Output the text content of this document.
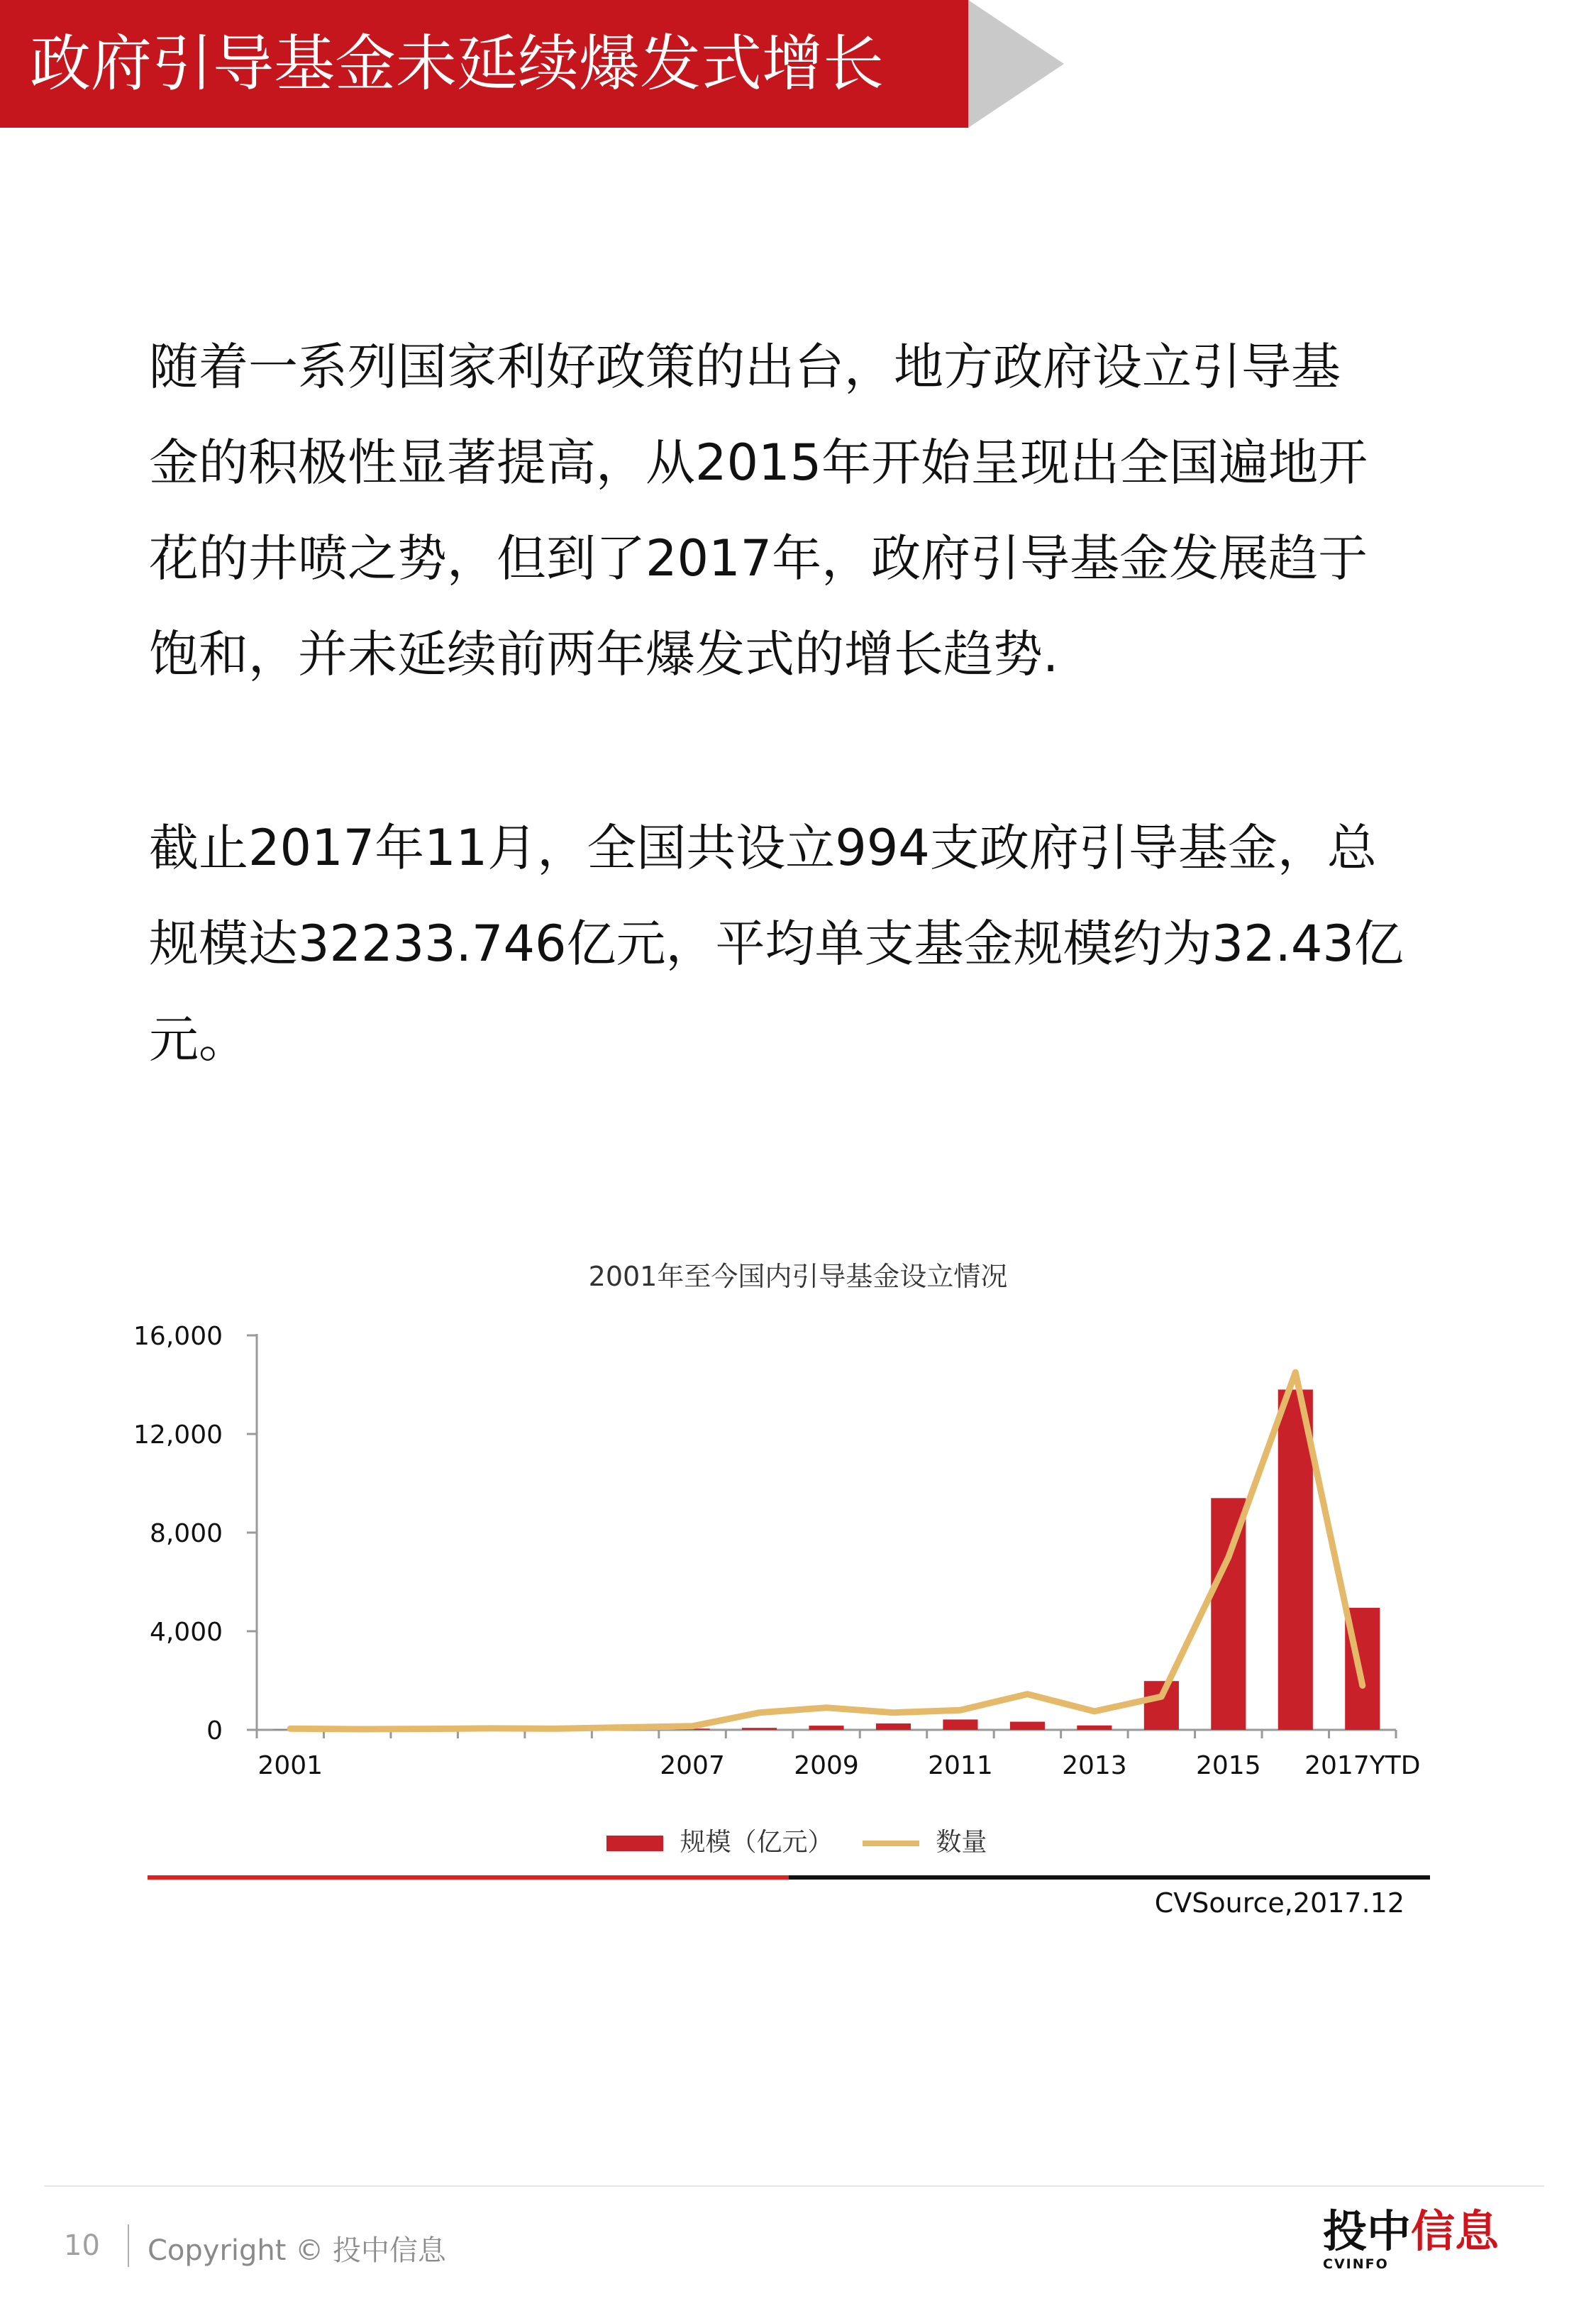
政府引导基金未延续爆发式增长
随着一系列国家利好政策的出台，地方政府设立引导基
金的积极性显著提高，从2015年开始呈现出全国遍地开
花的井喷之势，但到了2017年，政府引导基金发展趋于
饱和，并未延续前两年爆发式的增长趋势.
截止2017年11月，全国共设立994支政府引导基金，总
规模达32233.746亿元，平均单支基金规模约为32.43亿
元。
2001年至今国内引导基金设立情况
0
4,000
8,000
12,000
16,000
2001	2007	2009	2011	2013	2015 2017YTD
规模（亿元）	数量
CVSource,2017.12
10 Copyright © 投中信息	投中信息
CVINFO
